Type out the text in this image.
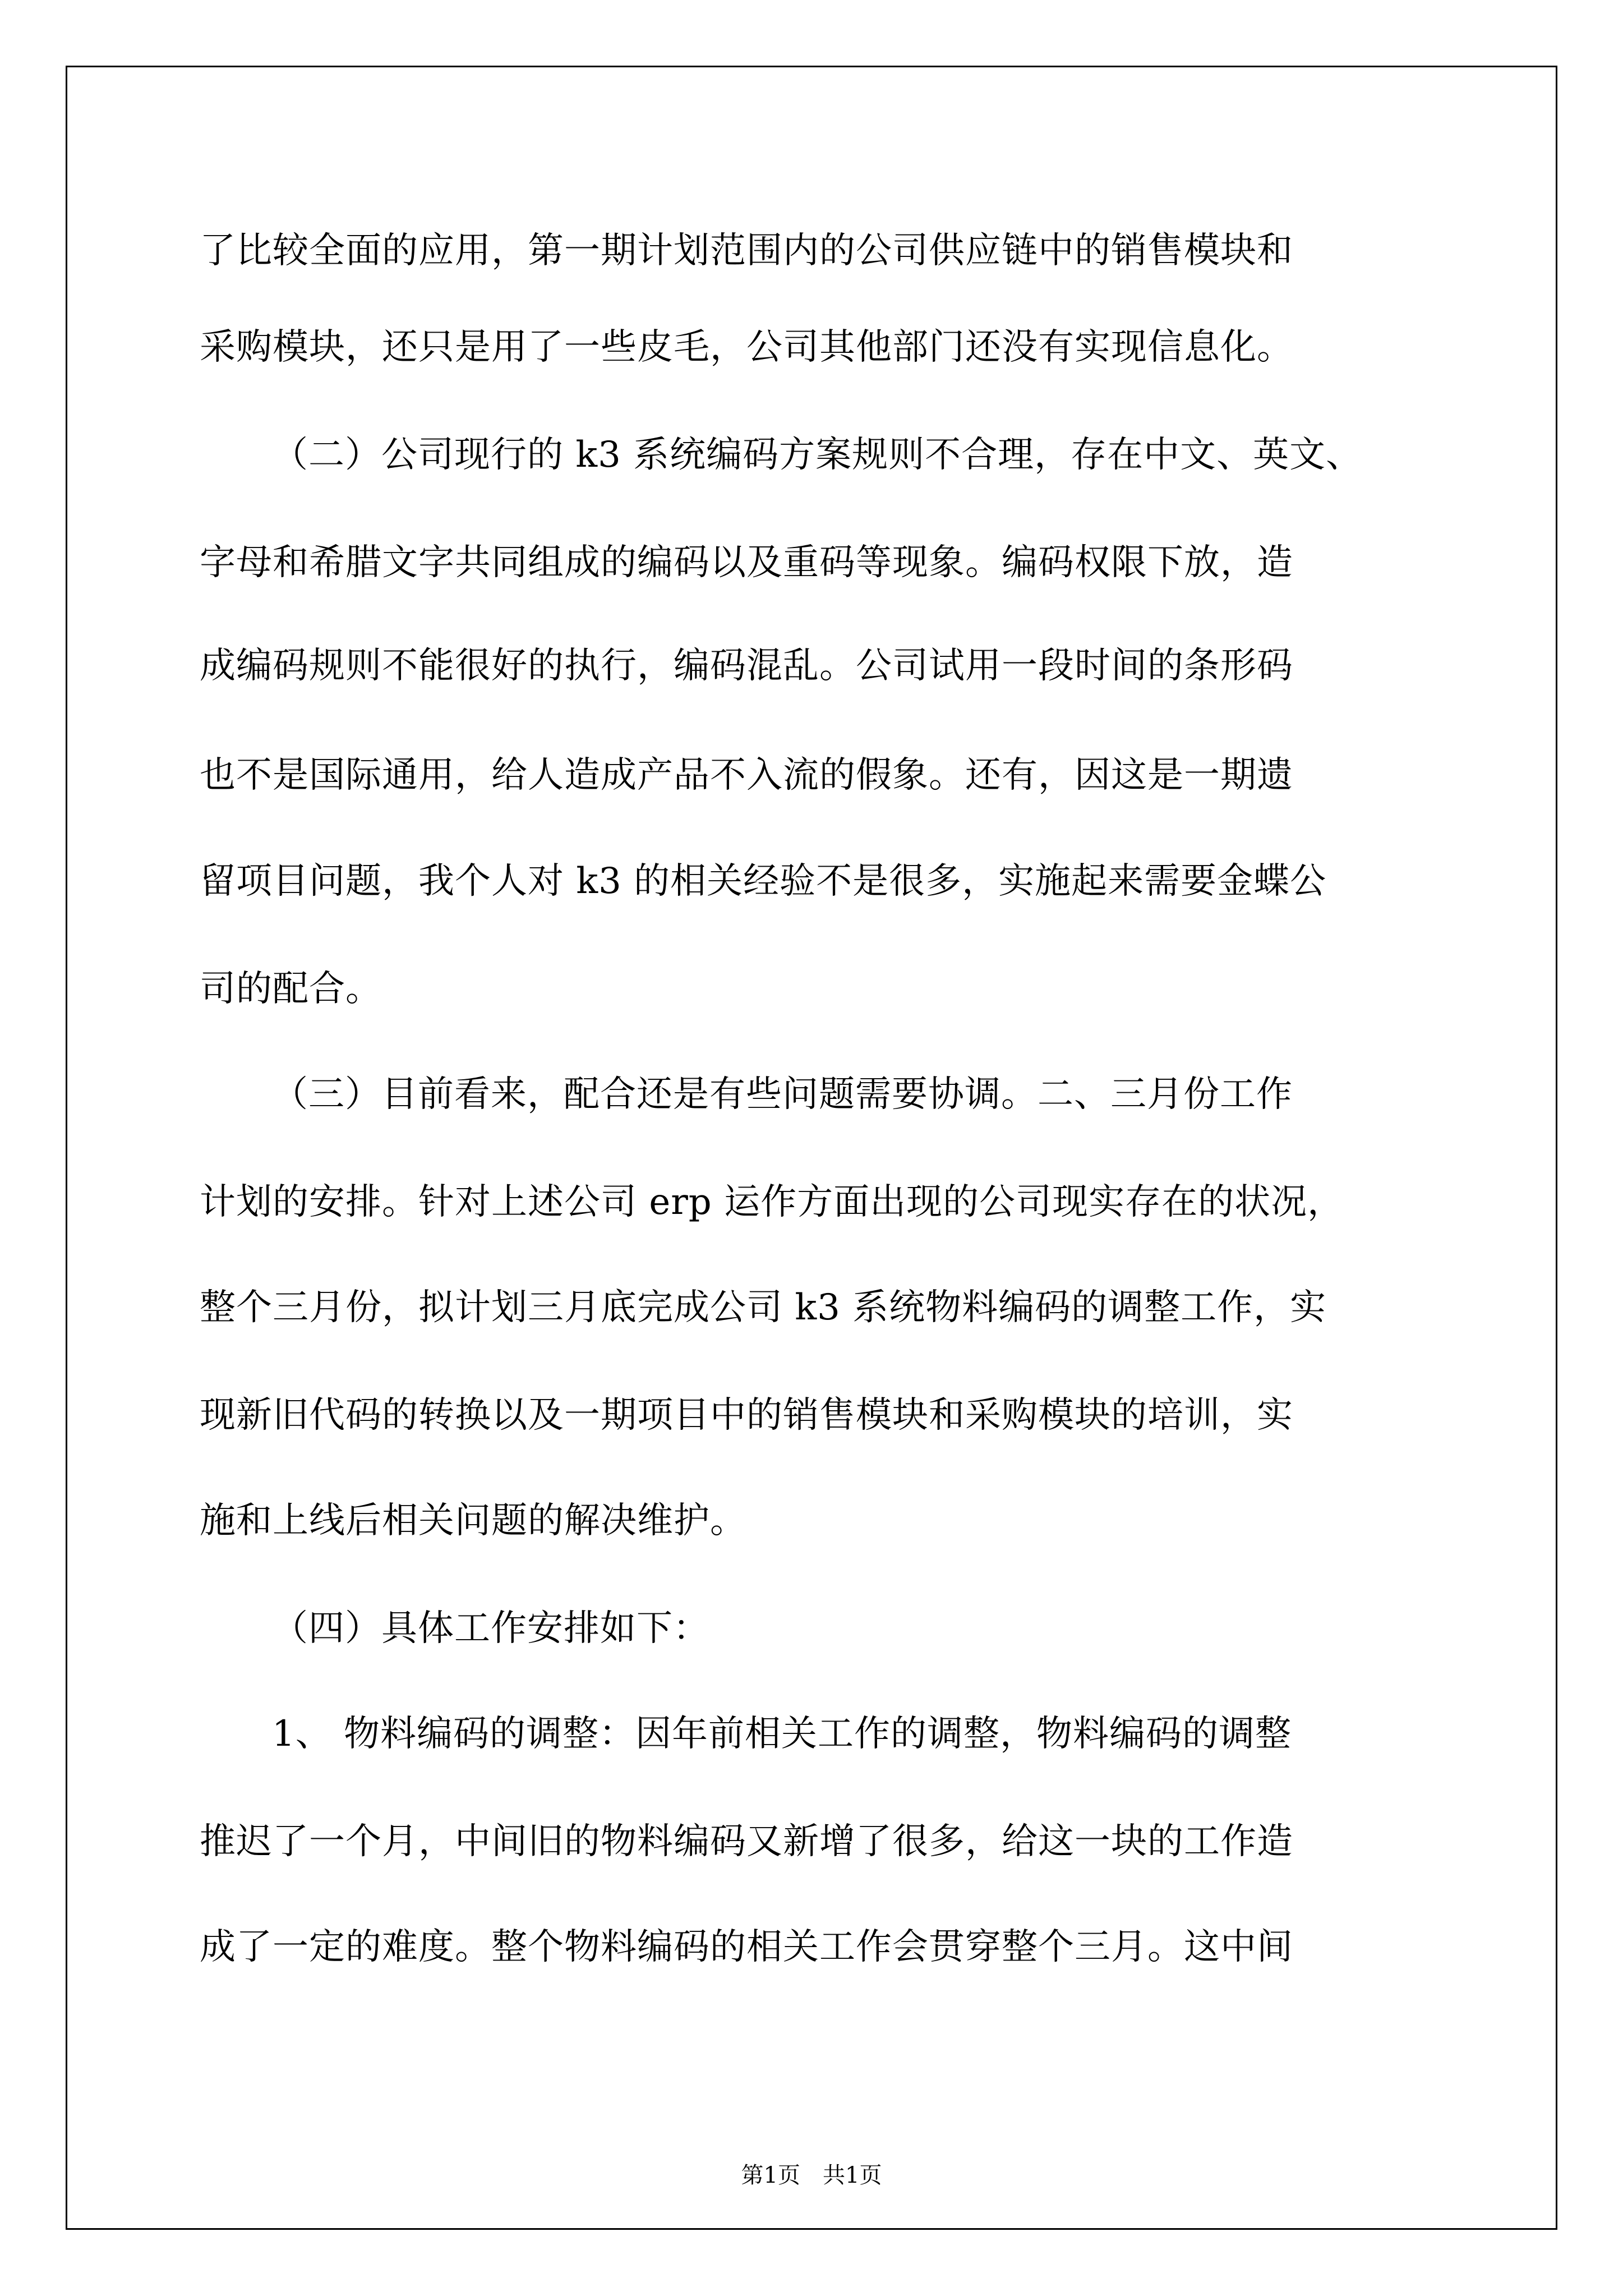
了比较全面的应用，第一期计划范围内的公司供应链中的销售模块和
采购模块，还只是用了一些皮毛，公司其他部门还没有实现信息化。
（二）公司现行的 k3 系统编码方案规则不合理，存在中文、英文、
字母和希腊文字共同组成的编码以及重码等现象。编码权限下放，造
成编码规则不能很好的执行，编码混乱。公司试用一段时间的条形码
也不是国际通用，给人造成产品不入流的假象。还有，因这是一期遗
留项目问题，我个人对 k3 的相关经验不是很多，实施起来需要金蝶公
司的配合。
（三）目前看来，配合还是有些问题需要协调。二、三月份工作
计划的安排。针对上述公司 erp 运作方面出现的公司现实存在的状况，
整个三月份，拟计划三月底完成公司 k3 系统物料编码的调整工作，实
现新旧代码的转换以及一期项目中的销售模块和采购模块的培训，实
施和上线后相关问题的解决维护。
（四）具体工作安排如下：
1、 物料编码的调整：因年前相关工作的调整，物料编码的调整
推迟了一个月，中间旧的物料编码又新增了很多，给这一块的工作造
成了一定的难度。整个物料编码的相关工作会贯穿整个三月。这中间
第1页　共1页
